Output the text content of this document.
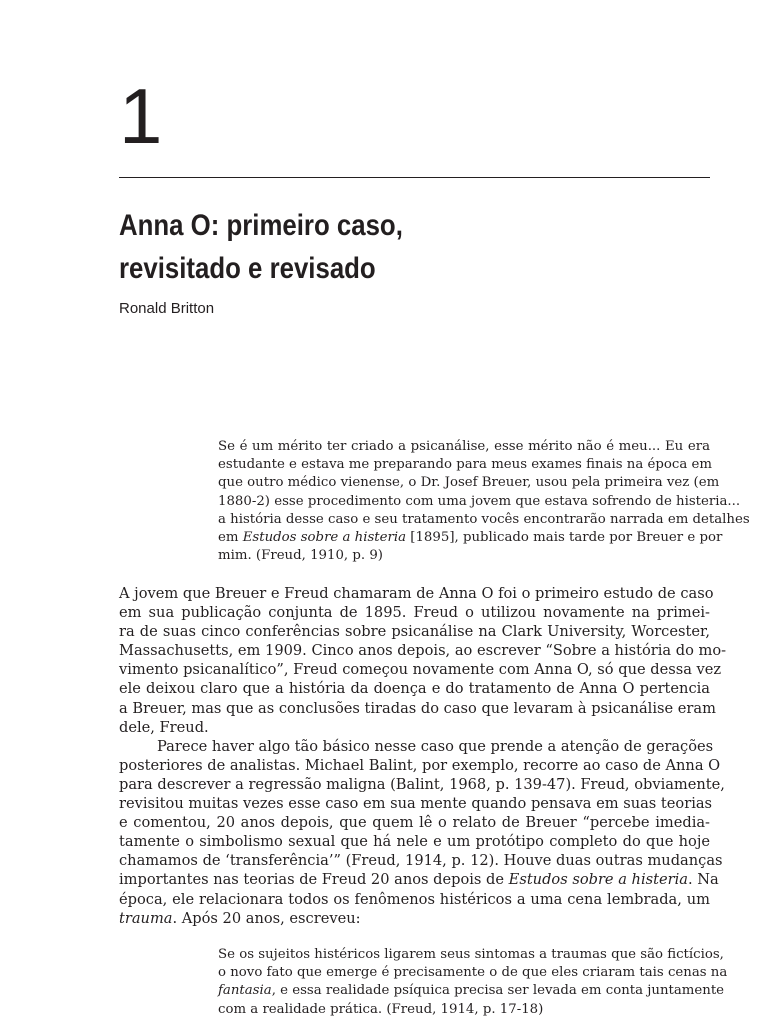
1
Anna O: primeiro caso,
revisitado e revisado

Ronald Britton

Se é um mérito ter criado a psicanálise, esse mérito não é meu... Eu era
estudante e estava me preparando para meus exames finais na época em
que outro médico vienense, o Dr. Josef Breuer, usou pela primeira vez (em
1880-2) esse procedimento com uma jovem que estava sofrendo de histeria...
a história desse caso e seu tratamento vocês encontrarão narrada em detalhes
em Estudos sobre a histeria [1895], publicado mais tarde por Breuer e por
mim. (Freud, 1910, p. 9)
A jovem que Breuer e Freud chamaram de Anna O foi o primeiro estudo de caso
em sua publicação conjunta de 1895. Freud o utilizou novamente na primei-
ra de suas cinco conferências sobre psicanálise na Clark University, Worcester,
Massachusetts, em 1909. Cinco anos depois, ao escrever “Sobre a história do mo-
vimento psicanalítico”, Freud começou novamente com Anna O, só que dessa vez
ele deixou claro que a história da doença e do tratamento de Anna O pertencia
a Breuer, mas que as conclusões tiradas do caso que levaram à psicanálise eram
dele, Freud.
Parece haver algo tão básico nesse caso que prende a atenção de gerações
posteriores de analistas. Michael Balint, por exemplo, recorre ao caso de Anna O
para descrever a regressão maligna (Balint, 1968, p. 139-47). Freud, obviamente,
revisitou muitas vezes esse caso em sua mente quando pensava em suas teorias
e comentou, 20 anos depois, que quem lê o relato de Breuer “percebe imedia-
tamente o simbolismo sexual que há nele e um protótipo completo do que hoje
chamamos de ‘transferência’” (Freud, 1914, p. 12). Houve duas outras mudanças
importantes nas teorias de Freud 20 anos depois de Estudos sobre a histeria. Na
época, ele relacionara todos os fenômenos histéricos a uma cena lembrada, um
trauma. Após 20 anos, escreveu:
Se os sujeitos histéricos ligarem seus sintomas a traumas que são fictícios,
o novo fato que emerge é precisamente o de que eles criaram tais cenas na
fantasia, e essa realidade psíquica precisa ser levada em conta juntamente
com a realidade prática. (Freud, 1914, p. 17-18)
